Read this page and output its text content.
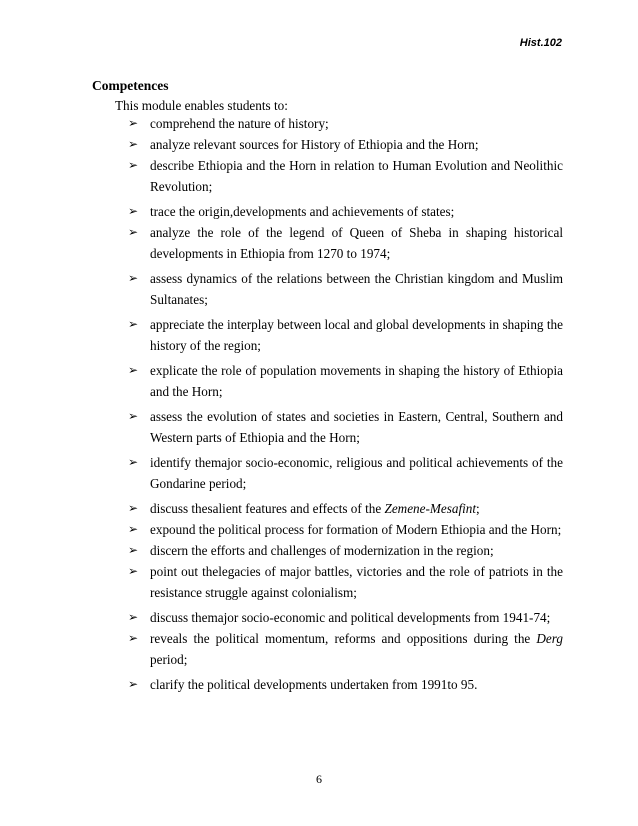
Hist.102
Competences
This module enables students to:
➢ comprehend the nature of history;
➢ analyze relevant sources for History of Ethiopia and the Horn;
➢ describe Ethiopia and the Horn in relation to Human Evolution and Neolithic Revolution;
➢ trace the origin,developments and achievements of states;
➢ analyze the role of the legend of Queen of Sheba in shaping historical developments in Ethiopia from 1270 to 1974;
➢ assess dynamics of the relations between the Christian kingdom and Muslim Sultanates;
➢ appreciate the interplay between local and global developments in shaping the history of the region;
➢ explicate the role of population movements in shaping the history of Ethiopia and the Horn;
➢ assess the evolution of states and societies in Eastern, Central, Southern and Western parts of Ethiopia and the Horn;
➢ identify themajor socio-economic, religious and political achievements of the Gondarine period;
➢ discuss thesalient features and effects of the Zemene-Mesafint;
➢ expound the political process for formation of Modern Ethiopia and the Horn;
➢ discern the efforts and challenges of modernization in the region;
➢ point out thelegacies of major battles, victories and the role of patriots in the resistance struggle against colonialism;
➢ discuss themajor socio-economic and political developments from 1941-74;
➢ reveals the political momentum, reforms and oppositions during the Derg period;
➢ clarify the political developments undertaken from 1991to 95.
6
